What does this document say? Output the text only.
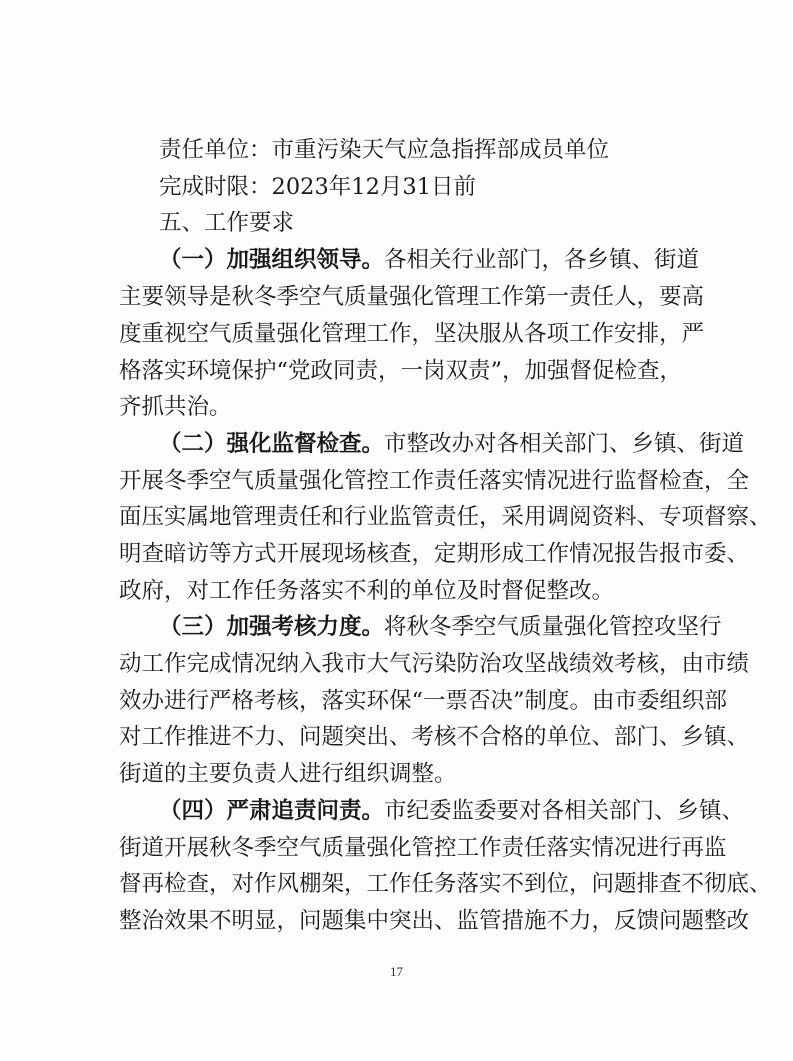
责任单位：市重污染天气应急指挥部成员单位
完成时限：2023年12月31日前
五、工作要求
（一）加强组织领导。各相关行业部门，各乡镇、街道
主要领导是秋冬季空气质量强化管理工作第一责任人，要高
度重视空气质量强化管理工作，坚决服从各项工作安排，严
格落实环境保护“党政同责，一岗双责”，加强督促检查，
齐抓共治。
（二）强化监督检查。市整改办对各相关部门、乡镇、街道
开展冬季空气质量强化管控工作责任落实情况进行监督检查，全
面压实属地管理责任和行业监管责任，采用调阅资料、专项督察、
明查暗访等方式开展现场核查，定期形成工作情况报告报市委、
政府，对工作任务落实不利的单位及时督促整改。
（三）加强考核力度。将秋冬季空气质量强化管控攻坚行
动工作完成情况纳入我市大气污染防治攻坚战绩效考核，由市绩
效办进行严格考核，落实环保“一票否决”制度。由市委组织部
对工作推进不力、问题突出、考核不合格的单位、部门、乡镇、
街道的主要负责人进行组织调整。
（四）严肃追责问责。市纪委监委要对各相关部门、乡镇、
街道开展秋冬季空气质量强化管控工作责任落实情况进行再监
督再检查，对作风棚架，工作任务落实不到位，问题排查不彻底、
整治效果不明显，问题集中突出、监管措施不力，反馈问题整改
17
